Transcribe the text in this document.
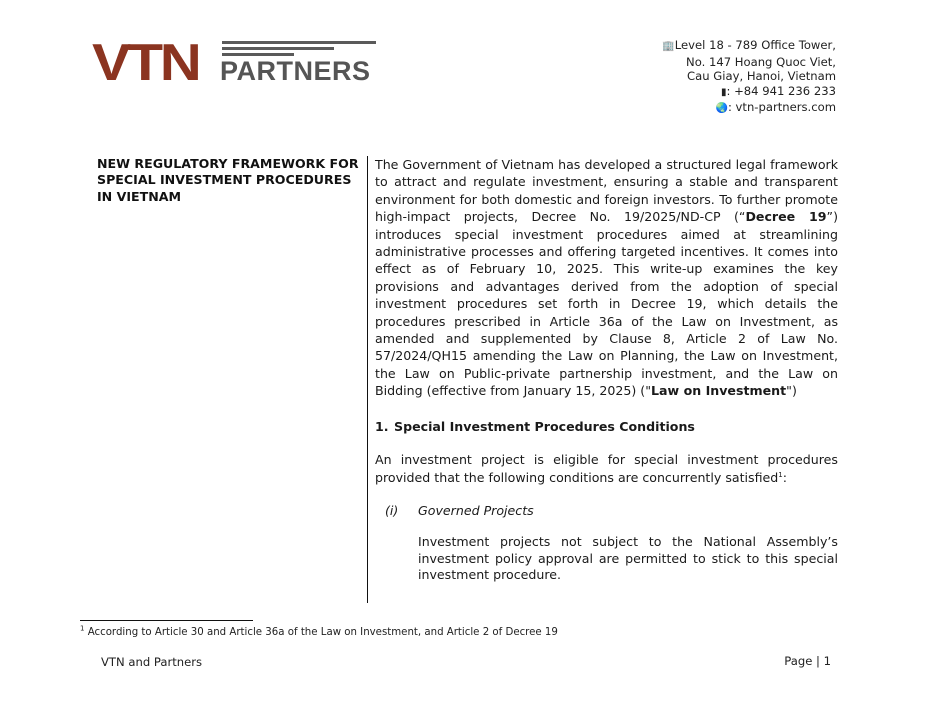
VTN PARTNERS
🏢Level 18 - 789 Office Tower,
No. 147 Hoang Quoc Viet,
Cau Giay, Hanoi, Vietnam
▮: +84 941 236 233
🌏: vtn-partners.com
NEW REGULATORY FRAMEWORK FOR SPECIAL INVESTMENT PROCEDURES IN VIETNAM

The Government of Vietnam has developed a structured legal framework to attract and regulate investment, ensuring a stable and transparent environment for both domestic and foreign investors. To further promote high-impact projects, Decree No. 19/2025/ND-CP (“Decree 19”) introduces special investment procedures aimed at streamlining administrative processes and offering targeted incentives. It comes into effect as of February 10, 2025. This write-up examines the key provisions and advantages derived from the adoption of special investment procedures set forth in Decree 19, which details the procedures prescribed in Article 36a of the Law on Investment, as amended and supplemented by Clause 8, Article 2 of Law No. 57/2024/QH15 amending the Law on Planning, the Law on Investment, the Law on Public-private partnership investment, and the Law on Bidding (effective from January 15, 2025) ("Law on Investment")

1. Special Investment Procedures Conditions

An investment project is eligible for special investment procedures provided that the following conditions are concurrently satisfied$^1$:

(i)	Governed Projects

Investment projects not subject to the National Assembly’s investment policy approval are permitted to stick to this special investment procedure.

$^1$ According to Article 30 and Article 36a of the Law on Investment, and Article 2 of Decree 19
VTN and Partners	Page | 1
